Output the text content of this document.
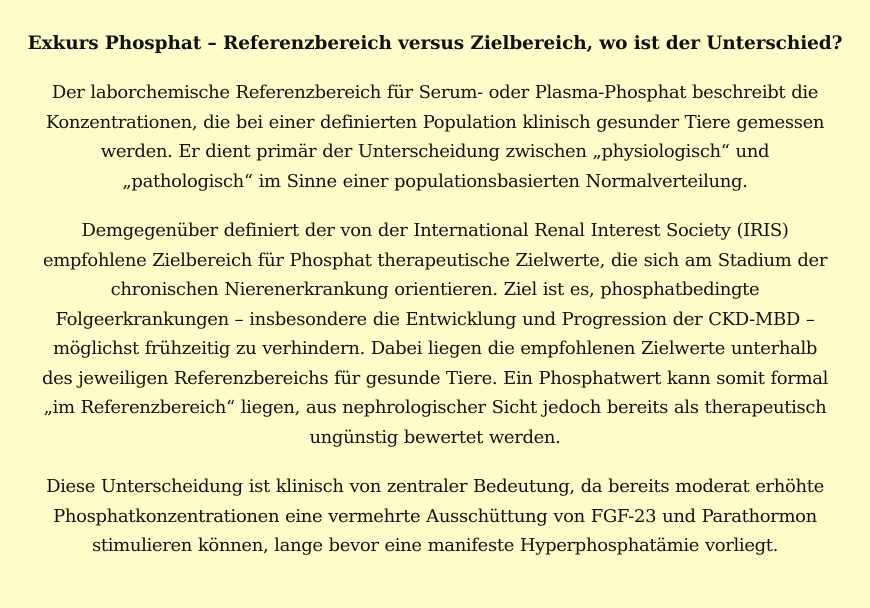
Exkurs Phosphat – Referenzbereich versus Zielbereich, wo ist der Unterschied?

Der laborchemische Referenzbereich für Serum- oder Plasma-Phosphat beschreibt die
Konzentrationen, die bei einer definierten Population klinisch gesunder Tiere gemessen
werden. Er dient primär der Unterscheidung zwischen „physiologisch“ und
„pathologisch“ im Sinne einer populationsbasierten Normalverteilung.

Demgegenüber definiert der von der International Renal Interest Society (IRIS)
empfohlene Zielbereich für Phosphat therapeutische Zielwerte, die sich am Stadium der
chronischen Nierenerkrankung orientieren. Ziel ist es, phosphatbedingte
Folgeerkrankungen – insbesondere die Entwicklung und Progression der CKD-MBD –
möglichst frühzeitig zu verhindern. Dabei liegen die empfohlenen Zielwerte unterhalb
des jeweiligen Referenzbereichs für gesunde Tiere. Ein Phosphatwert kann somit formal
„im Referenzbereich“ liegen, aus nephrologischer Sicht jedoch bereits als therapeutisch
ungünstig bewertet werden.

Diese Unterscheidung ist klinisch von zentraler Bedeutung, da bereits moderat erhöhte
Phosphatkonzentrationen eine vermehrte Ausschüttung von FGF-23 und Parathormon
stimulieren können, lange bevor eine manifeste Hyperphosphatämie vorliegt.
